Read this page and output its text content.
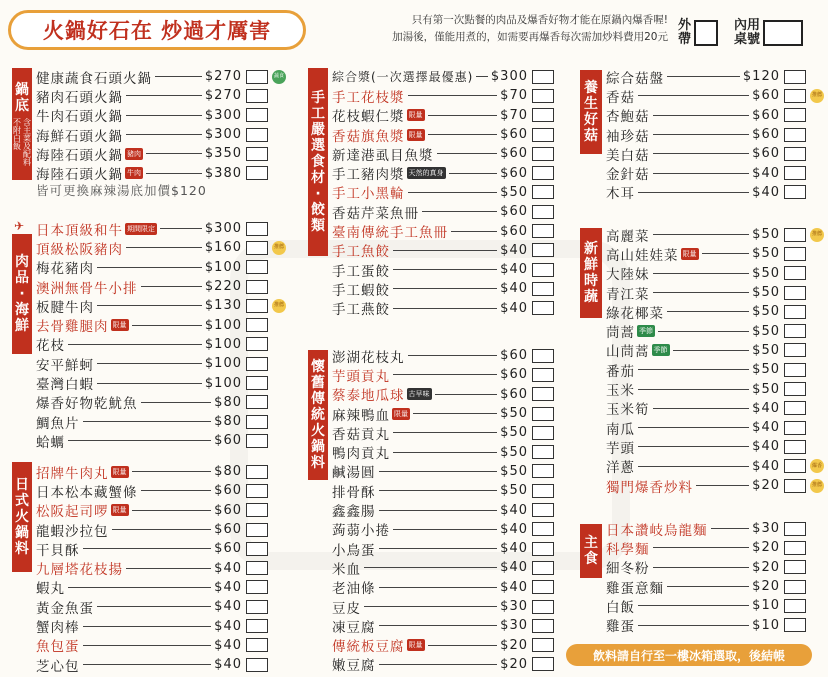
火鍋好石在 炒過才厲害	只有第一次點餐的肉品及爆香好物才能在原鍋內爆香喔!
加湯後，僅能用煮的，如需要再爆香每次需加炒料費用20元
外
帶
內用
桌號
健康蔬食石頭火鍋	$270	蔬食
豬肉石頭火鍋	$270
牛肉石頭火鍋	$300
海鮮石頭火鍋	$300
海陸石頭火鍋 豬肉	$350
海陸石頭火鍋 牛肉	$380
日本頂級和牛 期間限定	$300
頂級松阪豬肉	$160	推薦
梅花豬肉	$100
澳洲無骨牛小排	$220
板腱牛肉	$130	推薦
去骨雞腿肉 限量	$100
花枝	$100
安平鮮蚵	$100
臺灣白蝦	$100
爆香好物乾魷魚	$80
鯛魚片	$80
蛤蠣	$60
招牌牛肉丸 限量	$80
日本松本藏蟹條	$60
松阪起司啰 限量	$60
龍蝦沙拉包	$60
干貝酥	$60
九層塔花枝揚	$40
蝦丸	$40
黃金魚蛋	$40
蟹肉棒	$40
魚包蛋	$40
芝心包	$40
綜合漿(一次選擇最優惠) $300
手工花枝漿	$70
花枝蝦仁漿 限量	$70
香菇旗魚漿 限量	$60
新達港虱目魚漿	$60
手工豬肉漿 天然的真身	$60
手工小黑輪	$50
香菇芹菜魚冊	$60
臺南傳統手工魚冊	$60
手工魚餃	$40
手工蛋餃	$40
手工蝦餃	$40
手工燕餃	$40
澎湖花枝丸	$60
芋頭貢丸	$60
蔡泰地瓜球 古早味	$60
麻辣鴨血 限量	$50
香菇貢丸	$50
鴨肉貢丸	$50
鹹湯圓	$50
排骨酥	$50
鑫鑫腸	$40
蒟蒻小捲	$40
小鳥蛋	$40
米血	$40
老油條	$40
豆皮	$30
凍豆腐	$30
傳統板豆腐 限量	$20
嫩豆腐	$20
綜合菇盤	$120
香菇	$60	推薦
杏鮑菇	$60
袖珍菇	$60
美白菇	$60
金針菇	$40
木耳	$40
高麗菜	$50	推薦
高山娃娃菜 限量	$50
大陸妹	$50
青江菜	$50
綠花椰菜	$50
茼蒿 季節	$50
山茼蒿 季節	$50
番茄	$50
玉米	$50
玉米筍	$40
南瓜	$40
芋頭	$40
洋蔥	$40	爆香
獨門爆香炒料	$20	推薦
日本讚岐烏龍麵	$30
科學麵	$20
細冬粉	$20
雞蛋意麵	$20
白飯	$10
雞蛋	$10
皆可更換麻辣湯底加價$120
✈
飲料請自行至一樓冰箱選取，後結帳
鍋
底
不附白飯 含主菜及配料
肉
品
·
海
鮮
日
式
火
鍋
料
手
工
嚴
選
食
材
·
餃
類
懷
舊
傳
統
火
鍋
料
養
生
好
菇
新
鮮
時
蔬
主
食
